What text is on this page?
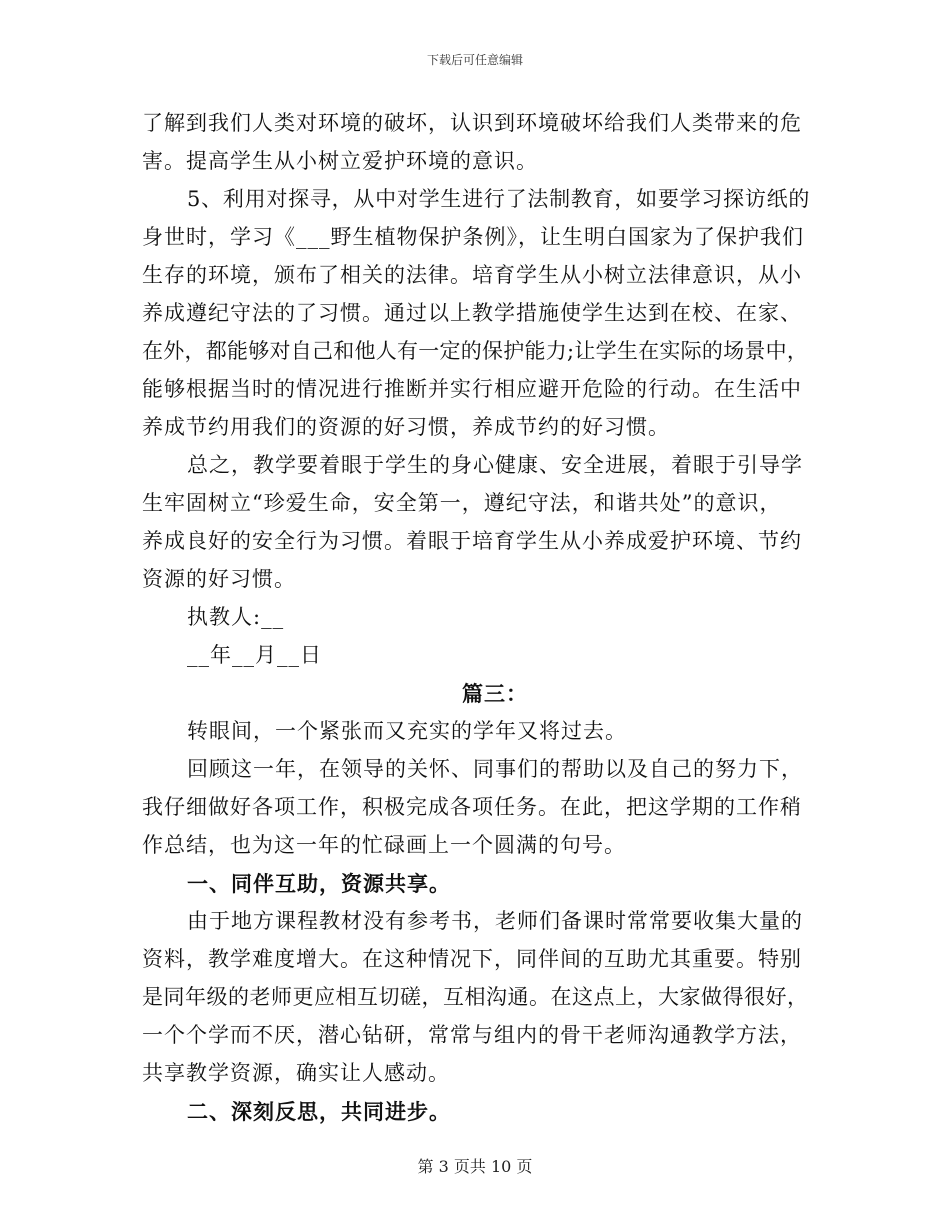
下载后可任意编辑
了解到我们人类对环境的破坏，认识到环境破坏给我们人类带来的危
害。提高学生从小树立爱护环境的意识。
5、利用对探寻，从中对学生进行了法制教育，如要学习探访纸的
身世时，学习《___野生植物保护条例》，让生明白国家为了保护我们
生存的环境，颁布了相关的法律。培育学生从小树立法律意识，从小
养成遵纪守法的了习惯。通过以上教学措施使学生达到在校、在家、
在外，都能够对自己和他人有一定的保护能力;让学生在实际的场景中，
能够根据当时的情况进行推断并实行相应避开危险的行动。在生活中
养成节约用我们的资源的好习惯，养成节约的好习惯。
总之，教学要着眼于学生的身心健康、安全进展，着眼于引导学
生牢固树立“珍爱生命，安全第一，遵纪守法，和谐共处”的意识，
养成良好的安全行为习惯。着眼于培育学生从小养成爱护环境、节约
资源的好习惯。
执教人:__
__年__月__日
篇三：
转眼间，一个紧张而又充实的学年又将过去。
回顾这一年，在领导的关怀、同事们的帮助以及自己的努力下，
我仔细做好各项工作，积极完成各项任务。在此，把这学期的工作稍
作总结，也为这一年的忙碌画上一个圆满的句号。
一、同伴互助，资源共享。
由于地方课程教材没有参考书，老师们备课时常常要收集大量的
资料，教学难度增大。在这种情况下，同伴间的互助尤其重要。特别
是同年级的老师更应相互切磋，互相沟通。在这点上，大家做得很好，
一个个学而不厌，潜心钻研，常常与组内的骨干老师沟通教学方法，
共享教学资源，确实让人感动。
二、深刻反思，共同进步。
第 3 页共 10 页
